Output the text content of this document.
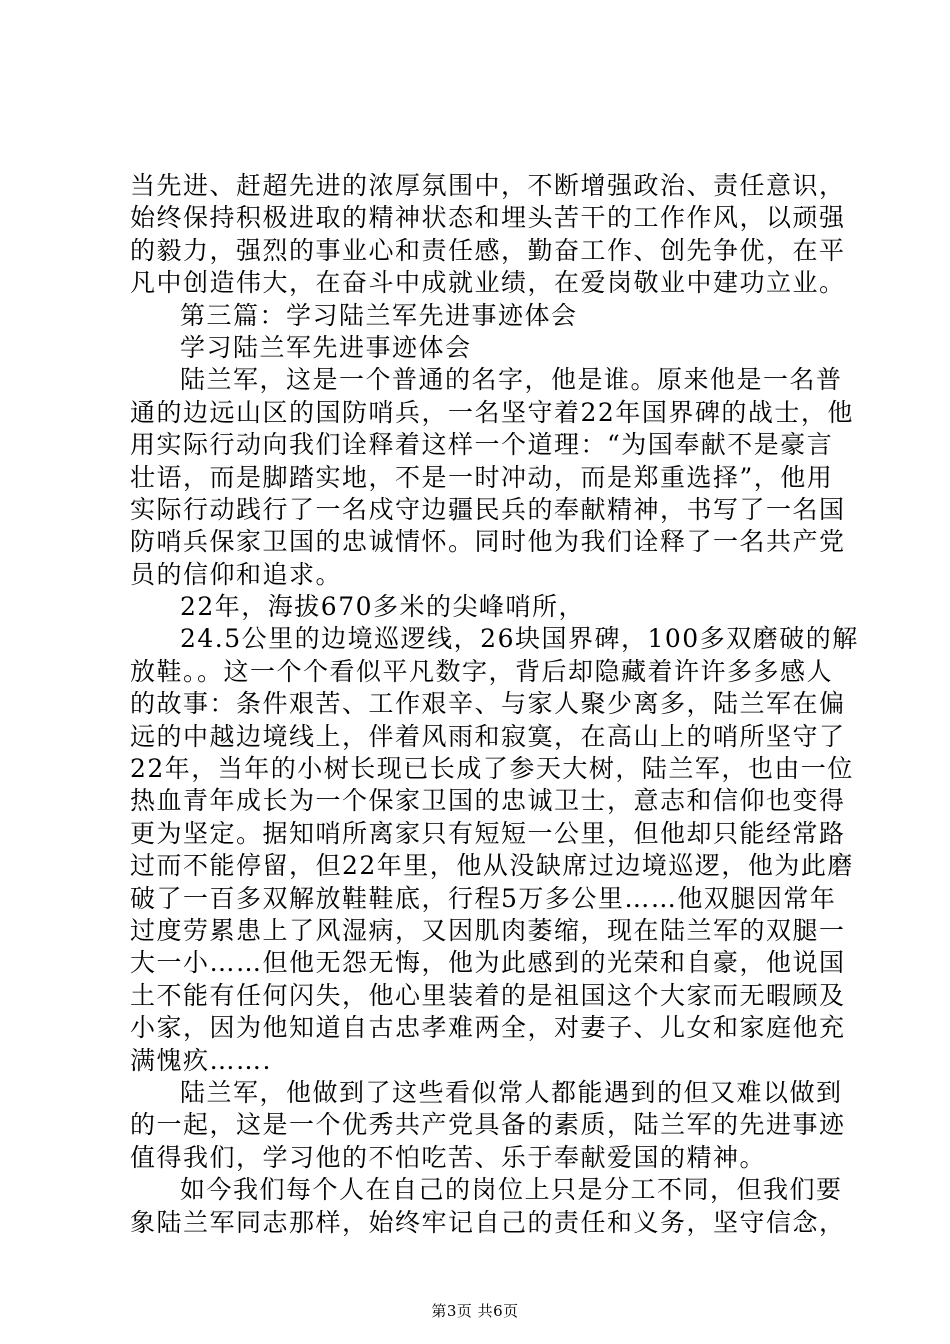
当先进、赶超先进的浓厚氛围中，不断增强政治、责任意识，
始终保持积极进取的精神状态和埋头苦干的工作作风，以顽强
的毅力，强烈的事业心和责任感，勤奋工作、创先争优，在平
凡中创造伟大，在奋斗中成就业绩，在爱岗敬业中建功立业。
第三篇：学习陆兰军先进事迹体会
学习陆兰军先进事迹体会
陆兰军，这是一个普通的名字，他是谁。原来他是一名普
通的边远山区的国防哨兵，一名坚守着22年国界碑的战士，他
用实际行动向我们诠释着这样一个道理：“为国奉献不是豪言
壮语，而是脚踏实地，不是一时冲动，而是郑重选择”，他用
实际行动践行了一名戍守边疆民兵的奉献精神，书写了一名国
防哨兵保家卫国的忠诚情怀。同时他为我们诠释了一名共产党
员的信仰和追求。
22年，海拔670多米的尖峰哨所，
24.5公里的边境巡逻线，26块国界碑，100多双磨破的解
放鞋。。这一个个看似平凡数字，背后却隐藏着许许多多感人
的故事：条件艰苦、工作艰辛、与家人聚少离多，陆兰军在偏
远的中越边境线上，伴着风雨和寂寞，在高山上的哨所坚守了
22年，当年的小树长现已长成了参天大树，陆兰军，也由一位
热血青年成长为一个保家卫国的忠诚卫士，意志和信仰也变得
更为坚定。据知哨所离家只有短短一公里，但他却只能经常路
过而不能停留，但22年里，他从没缺席过边境巡逻，他为此磨
破了一百多双解放鞋鞋底，行程5万多公里……他双腿因常年
过度劳累患上了风湿病，又因肌肉萎缩，现在陆兰军的双腿一
大一小……但他无怨无悔，他为此感到的光荣和自豪，他说国
土不能有任何闪失，他心里装着的是祖国这个大家而无暇顾及
小家，因为他知道自古忠孝难两全，对妻子、儿女和家庭他充
满愧疚…….
陆兰军，他做到了这些看似常人都能遇到的但又难以做到
的一起，这是一个优秀共产党具备的素质，陆兰军的先进事迹
值得我们，学习他的不怕吃苦、乐于奉献爱国的精神。
如今我们每个人在自己的岗位上只是分工不同，但我们要
象陆兰军同志那样，始终牢记自己的责任和义务，坚守信念，
第3页 共6页
